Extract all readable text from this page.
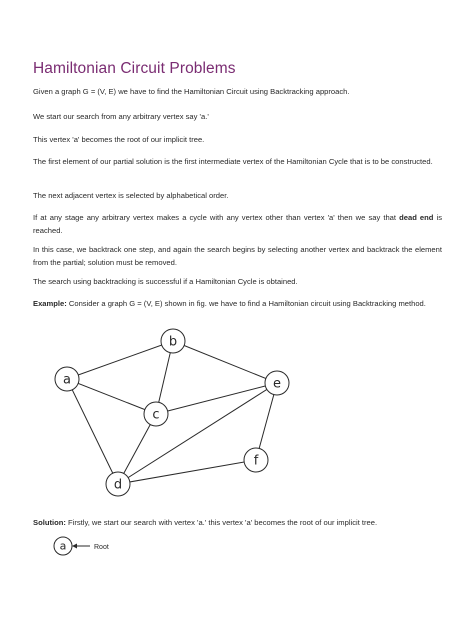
Hamiltonian Circuit Problems

Given a graph G = (V, E) we have to find the Hamiltonian Circuit using Backtracking approach.

We start our search from any arbitrary vertex say 'a.'

This vertex 'a' becomes the root of our implicit tree.

The first element of our partial solution is the first intermediate vertex of the Hamiltonian Cycle that is to be constructed.

The next adjacent vertex is selected by alphabetical order.

If at any stage any arbitrary vertex makes a cycle with any vertex other than vertex 'a' then we say that dead end is reached.

In this case, we backtrack one step, and again the search begins by selecting another vertex and backtrack the element from the partial; solution must be removed.

The search using backtracking is successful if a Hamiltonian Cycle is obtained.

Example: Consider a graph G = (V, E) shown in fig. we have to find a Hamiltonian circuit using Backtracking method.

a
b
c
d
e
f

Solution: Firstly, we start our search with vertex 'a.' this vertex 'a' becomes the root of our implicit tree.

a	Root
